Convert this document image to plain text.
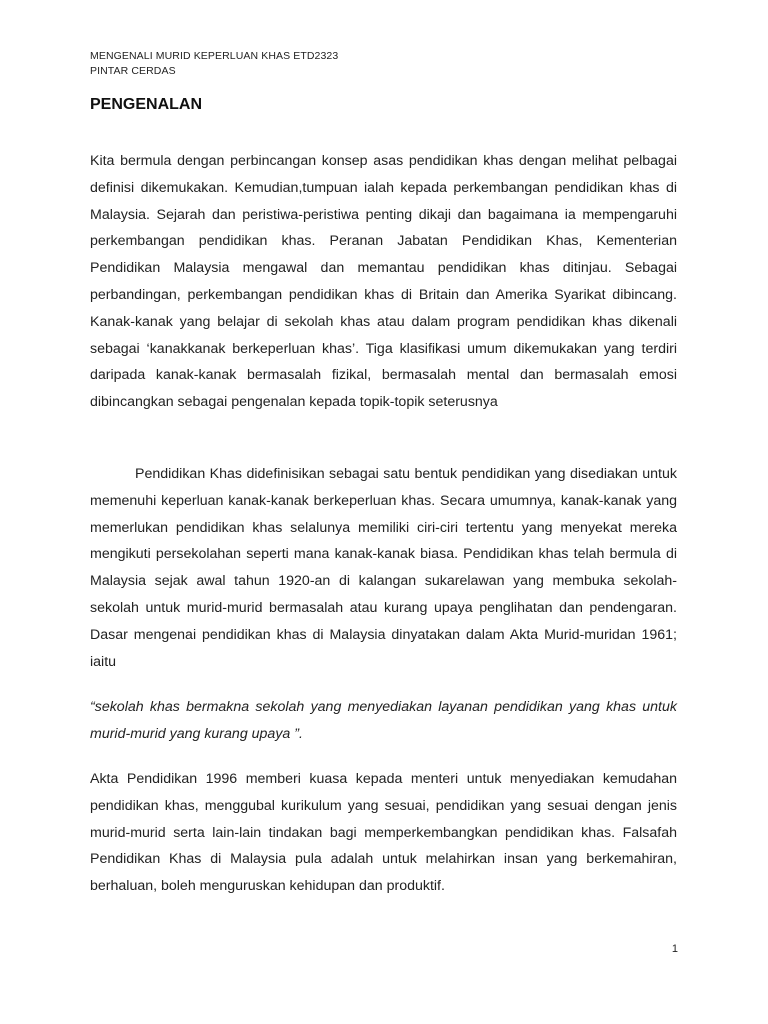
MENGENALI MURID KEPERLUAN KHAS ETD2323
PINTAR CERDAS
PENGENALAN

Kita bermula dengan perbincangan konsep asas pendidikan khas dengan melihat pelbagai definisi dikemukakan. Kemudian,tumpuan ialah kepada perkembangan pendidikan khas di Malaysia. Sejarah dan peristiwa-peristiwa penting dikaji dan bagaimana ia mempengaruhi perkembangan pendidikan khas. Peranan Jabatan Pendidikan Khas, Kementerian Pendidikan Malaysia mengawal dan memantau pendidikan khas ditinjau. Sebagai perbandingan, perkembangan pendidikan khas di Britain dan Amerika Syarikat dibincang. Kanak-kanak yang belajar di sekolah khas atau dalam program pendidikan khas dikenali sebagai ‘kanakkanak berkeperluan khas’. Tiga klasifikasi umum dikemukakan yang terdiri daripada kanak-kanak bermasalah fizikal, bermasalah mental dan bermasalah emosi dibincangkan sebagai pengenalan kepada topik-topik seterusnya

Pendidikan Khas didefinisikan sebagai satu bentuk pendidikan yang disediakan untuk memenuhi keperluan kanak-kanak berkeperluan khas. Secara umumnya, kanak-kanak yang memerlukan pendidikan khas selalunya memiliki ciri-ciri tertentu yang menyekat mereka mengikuti persekolahan seperti mana kanak-kanak biasa. Pendidikan khas telah bermula di Malaysia sejak awal tahun 1920-an di kalangan sukarelawan yang membuka sekolah-sekolah untuk murid-murid bermasalah atau kurang upaya penglihatan dan pendengaran. Dasar mengenai pendidikan khas di Malaysia dinyatakan dalam Akta Murid-muridan 1961; iaitu

“sekolah khas bermakna sekolah yang menyediakan layanan pendidikan yang khas untuk murid-murid yang kurang upaya ”.

Akta Pendidikan 1996 memberi kuasa kepada menteri untuk menyediakan kemudahan pendidikan khas, menggubal kurikulum yang sesuai, pendidikan yang sesuai dengan jenis murid-murid serta lain-lain tindakan bagi memperkembangkan pendidikan khas. Falsafah Pendidikan Khas di Malaysia pula adalah untuk melahirkan insan yang berkemahiran, berhaluan, boleh menguruskan kehidupan dan produktif.

1
